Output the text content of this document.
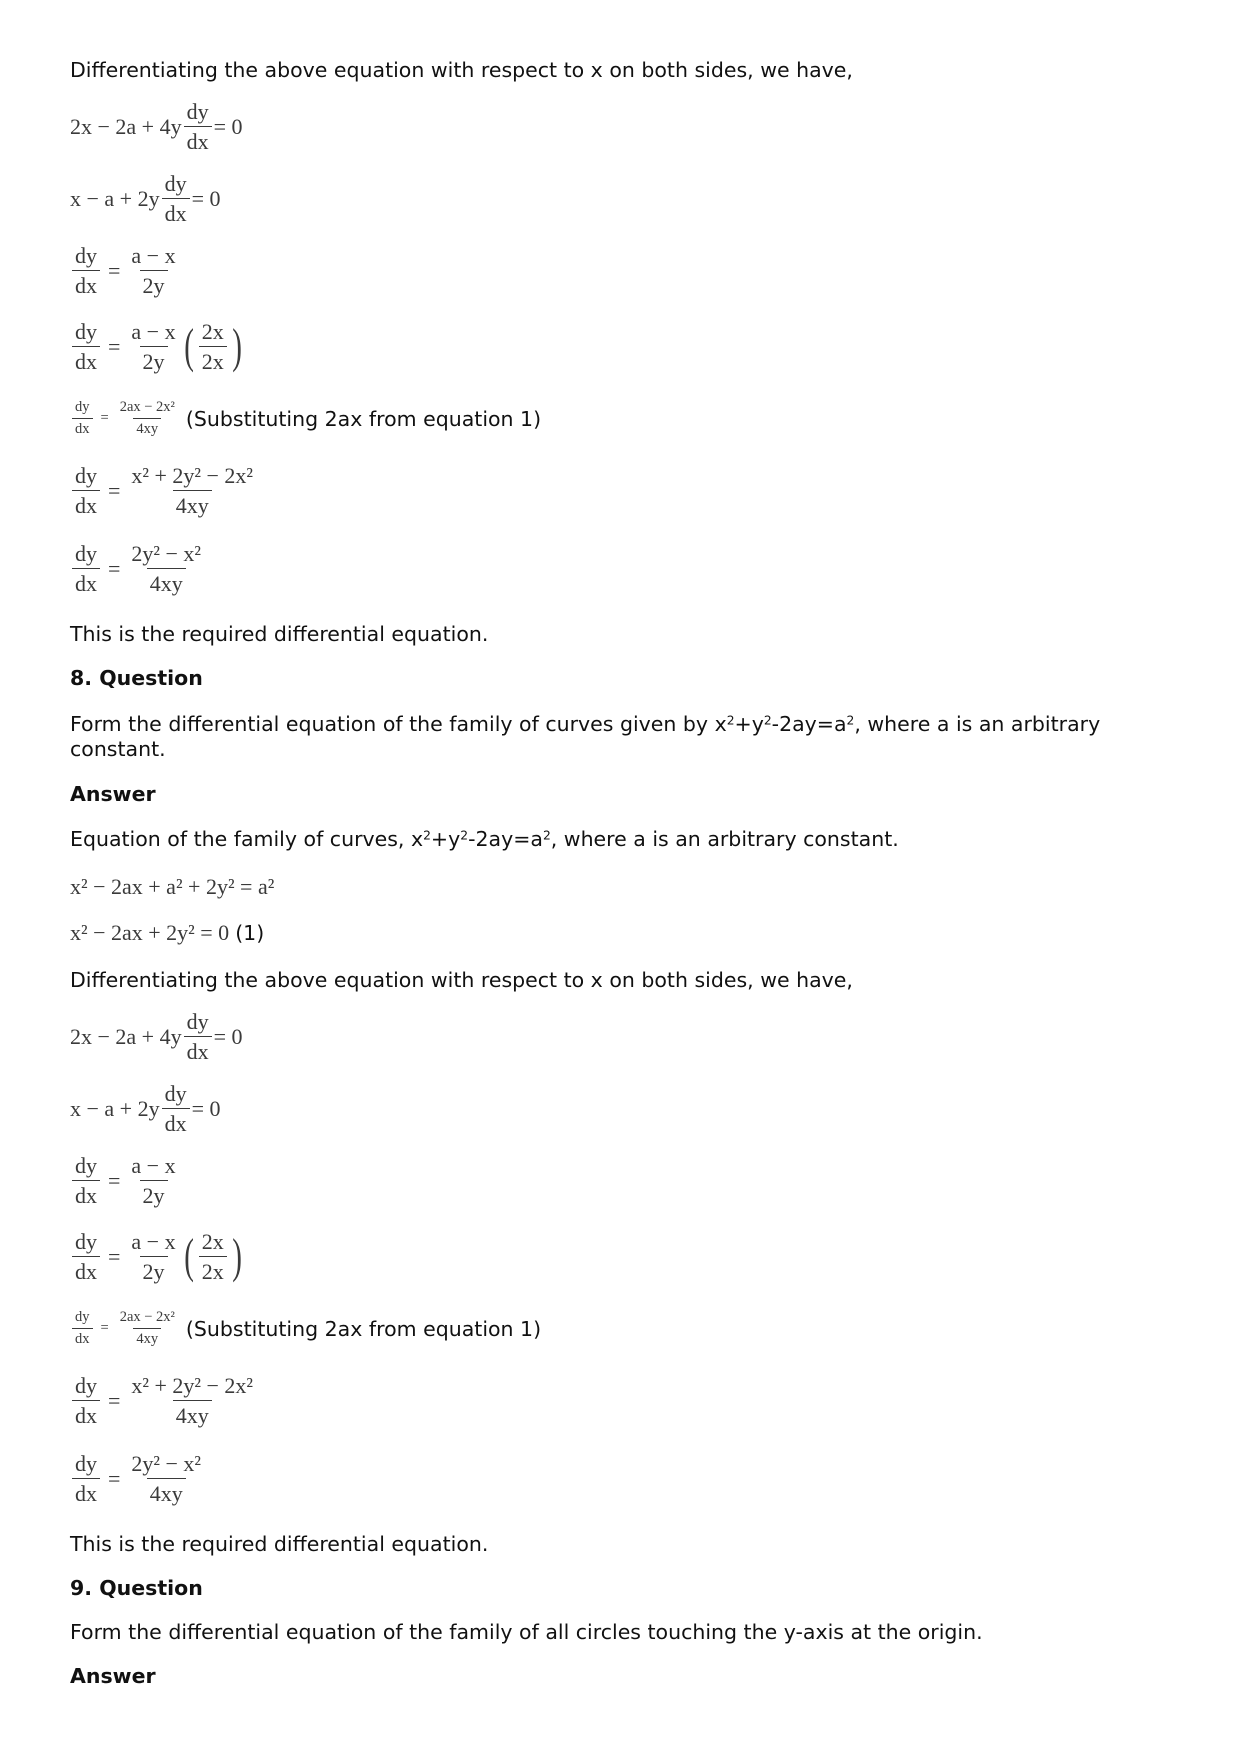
Differentiating the above equation with respect to x on both sides, we have,
$2x - 2a + 4y \frac{dy}{dx} = 0$
$x - a + 2y \frac{dy}{dx} = 0$
$\frac{dy}{dx} = \frac{a - x}{2y}$
$\frac{dy}{dx} = \frac{a - x}{2y}$ ( $\frac{2x}{2x}$ )
$\frac{dy}{dx} = \frac{\text{2ax − 2x²}}{4xy}$ (Substituting 2ax from equation 1)
$\frac{dy}{dx} = \frac{\text{x² + 2y² − 2x²}}{4xy}$
$\frac{dy}{dx} = \frac{\text{2y² − x²}}{4xy}$
This is the required differential equation.
8. Question
Form the differential equation of the family of curves given by $x^2+y^2-2ay=a^2$, where a is an arbitrary constant.
Answer
Equation of the family of curves, $x^2+y^2-2ay=a^2$, where a is an arbitrary constant.
x² − 2ax + a² + 2y² = a²
x² − 2ax + 2y² = 0 (1)
Differentiating the above equation with respect to x on both sides, we have,
$2x - 2a + 4y \frac{dy}{dx} = 0$
$x - a + 2y \frac{dy}{dx} = 0$
$\frac{dy}{dx} = \frac{a - x}{2y}$
$\frac{dy}{dx} = \frac{a - x}{2y}$ ( $\frac{2x}{2x}$ )
$\frac{dy}{dx} = \frac{\text{2ax − 2x²}}{4xy}$ (Substituting 2ax from equation 1)
$\frac{dy}{dx} = \frac{\text{x² + 2y² − 2x²}}{4xy}$
$\frac{dy}{dx} = \frac{\text{2y² − x²}}{4xy}$
This is the required differential equation.
9. Question
Form the differential equation of the family of all circles touching the y-axis at the origin.
Answer
